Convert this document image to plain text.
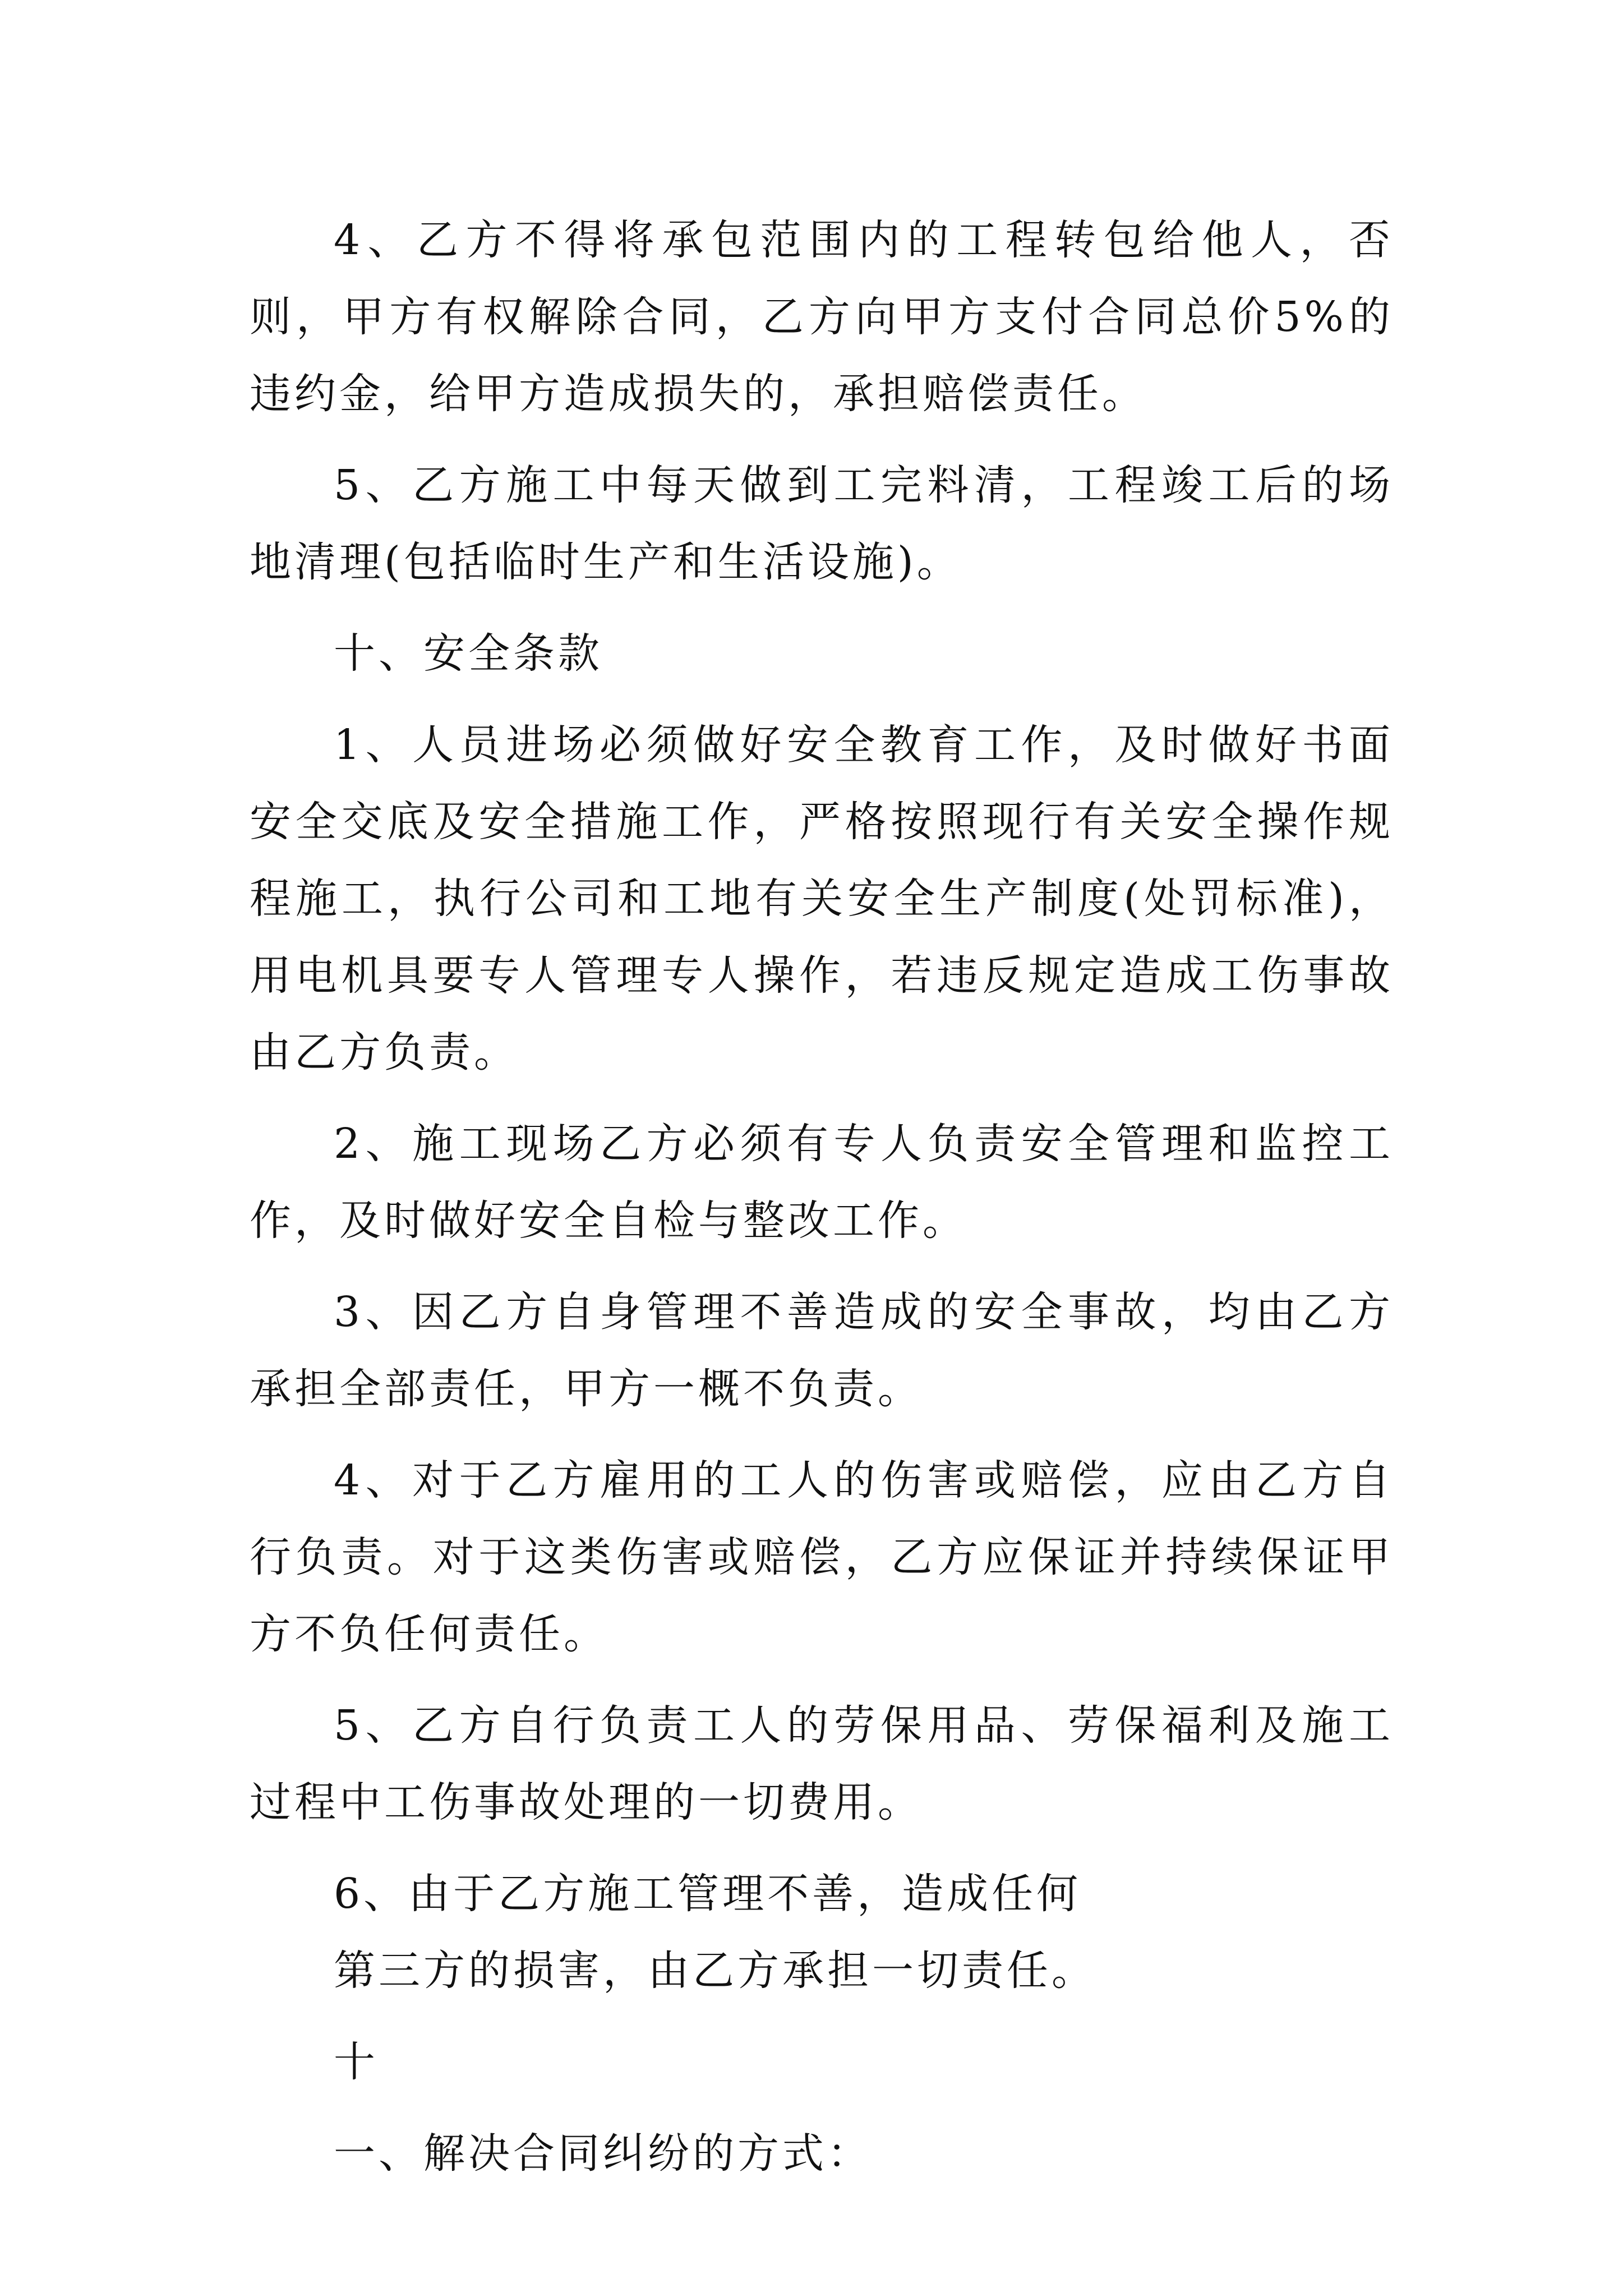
4、乙方不得将承包范围内的工程转包给他人，否则，甲方有权解除合同，乙方向甲方支付合同总价5%的违约金，给甲方造成损失的，承担赔偿责任。

5、乙方施工中每天做到工完料清，工程竣工后的场地清理(包括临时生产和生活设施)。

十、安全条款

1、人员进场必须做好安全教育工作，及时做好书面安全交底及安全措施工作，严格按照现行有关安全操作规程施工，执行公司和工地有关安全生产制度(处罚标准)，用电机具要专人管理专人操作，若违反规定造成工伤事故由乙方负责。

2、施工现场乙方必须有专人负责安全管理和监控工作，及时做好安全自检与整改工作。

3、因乙方自身管理不善造成的安全事故，均由乙方承担全部责任，甲方一概不负责。

4、对于乙方雇用的工人的伤害或赔偿，应由乙方自行负责。对于这类伤害或赔偿，乙方应保证并持续保证甲方不负任何责任。

5、乙方自行负责工人的劳保用品、劳保福利及施工过程中工伤事故处理的一切费用。

6、由于乙方施工管理不善，造成任何

第三方的损害，由乙方承担一切责任。

十

一、解决合同纠纷的方式：
